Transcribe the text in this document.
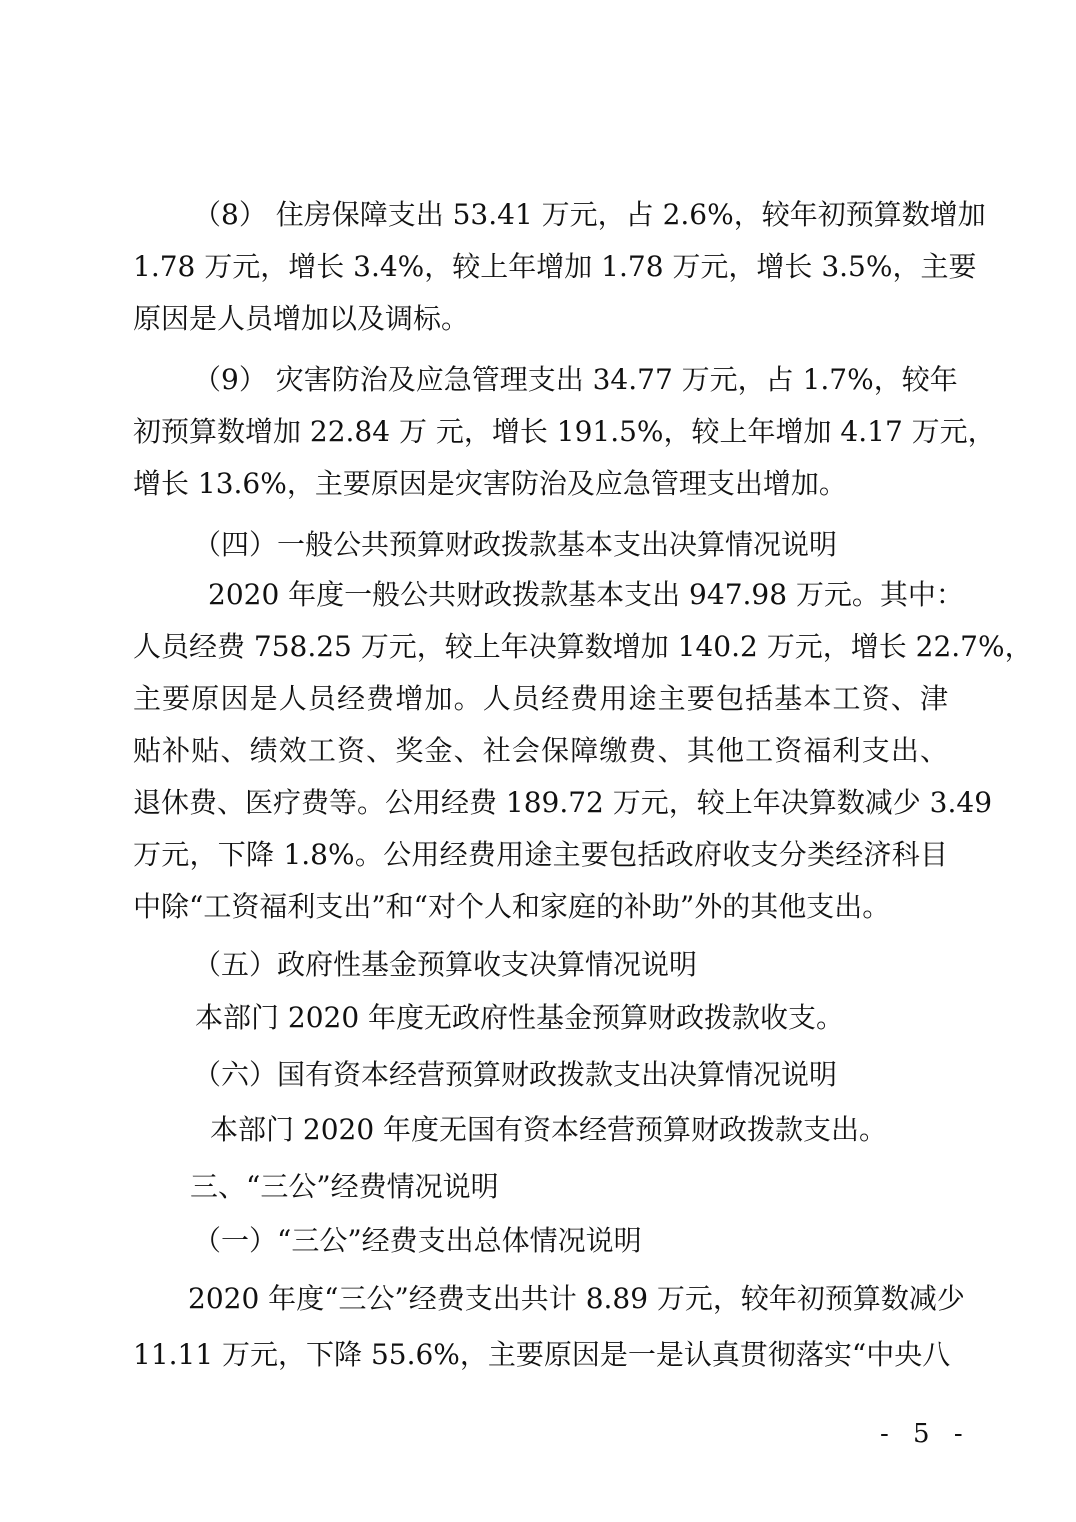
（8） 住房保障支出 53.41 万元，占 2.6%，较年初预算数增加
1.78 万元，增长 3.4%，较上年增加 1.78 万元，增长 3.5%，主要
原因是人员增加以及调标。
（9） 灾害防治及应急管理支出 34.77 万元，占 1.7%，较年
初预算数增加 22.84 万 元，增长 191.5%，较上年增加 4.17 万元，
增长 13.6%，主要原因是灾害防治及应急管理支出增加。
（四）一般公共预算财政拨款基本支出决算情况说明
2020 年度一般公共财政拨款基本支出 947.98 万元。其中：
人员经费 758.25 万元，较上年决算数增加 140.2 万元，增长 22.7%，
主要原因是人员经费增加。人员经费用途主要包括基本工资、津
贴补贴、绩效工资、奖金、社会保障缴费、其他工资福利支出、
退休费、医疗费等。公用经费 189.72 万元，较上年决算数减少 3.49
万元，下降 1.8%。公用经费用途主要包括政府收支分类经济科目
中除“工资福利支出”和“对个人和家庭的补助”外的其他支出。
（五）政府性基金预算收支决算情况说明
本部门 2020 年度无政府性基金预算财政拨款收支。
（六）国有资本经营预算财政拨款支出决算情况说明
本部门 2020 年度无国有资本经营预算财政拨款支出。
三、“三公”经费情况说明
（一）“三公”经费支出总体情况说明
2020 年度“三公”经费支出共计 8.89 万元，较年初预算数减少
11.11 万元，下降 55.6%，主要原因是一是认真贯彻落实“中央八
- 5 -
